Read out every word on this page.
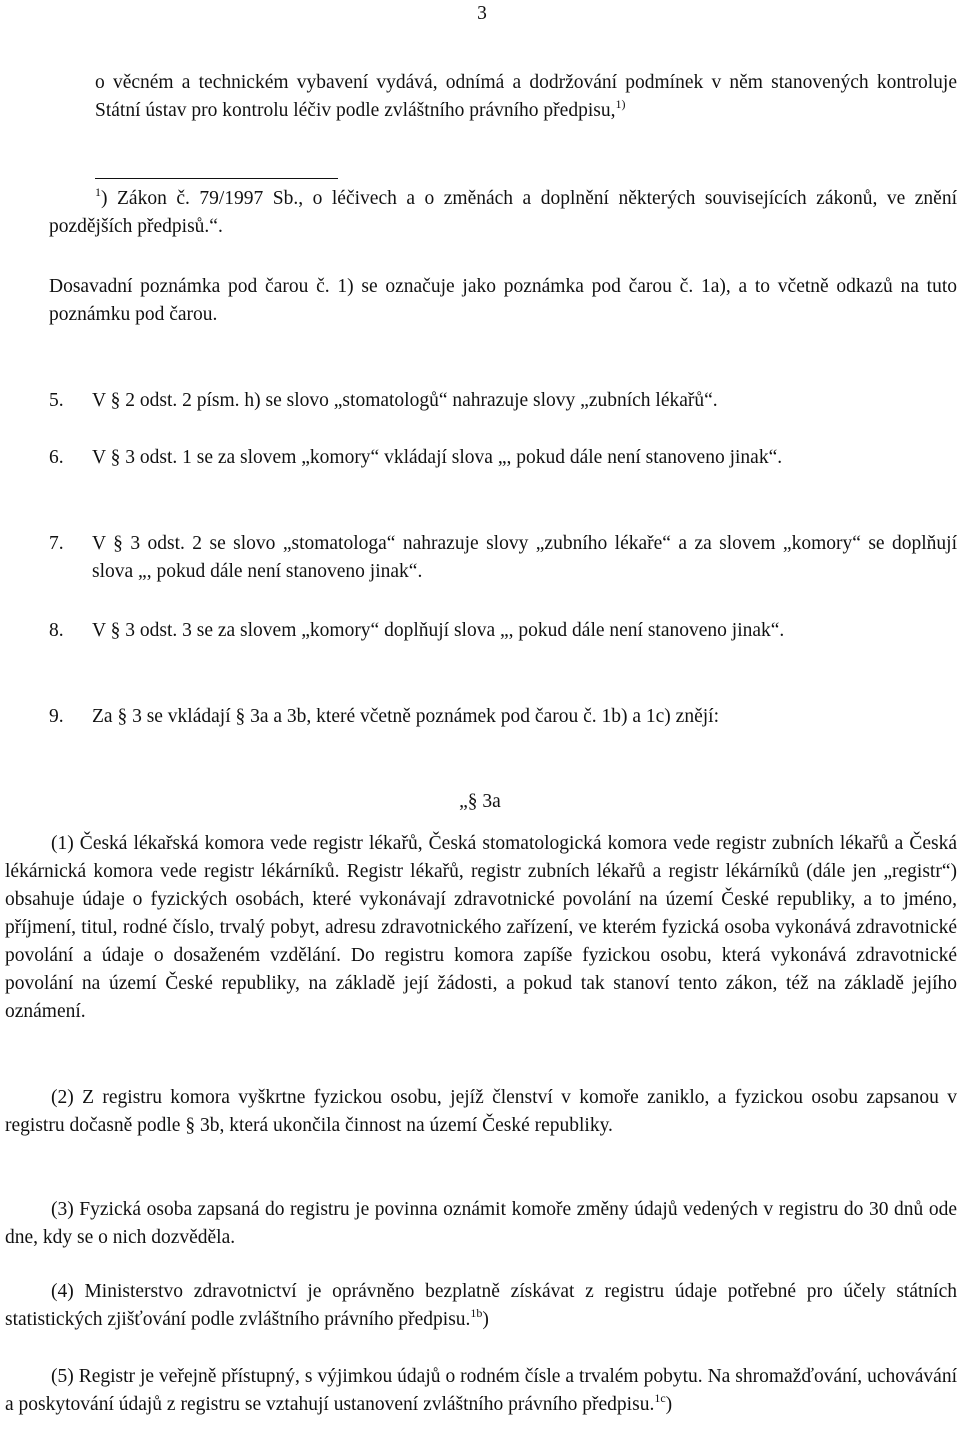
3
o věcném a technickém vybavení vydává, odnímá a dodržování podmínek v něm stanovených kontroluje Státní ústav pro kontrolu léčiv podle zvláštního právního předpisu,$^{1)}$
$^1$) Zákon č. 79/1997 Sb., o léčivech a o změnách a doplnění některých souvisejících zákonů, ve znění pozdějších předpisů.“.
Dosavadní poznámka pod čarou č. 1) se označuje jako poznámka pod čarou č. 1a), a to včetně odkazů na tuto poznámku pod čarou.
5. V § 2 odst. 2 písm. h) se slovo „stomatologů“ nahrazuje slovy „zubních lékařů“.
6. V § 3 odst. 1 se za slovem „komory“ vkládají slova „, pokud dále není stanoveno jinak“.
7. V § 3 odst. 2 se slovo „stomatologa“ nahrazuje slovy „zubního lékaře“ a za slovem „komory“ se doplňují slova „, pokud dále není stanoveno jinak“.
8. V § 3 odst. 3 se za slovem „komory“ doplňují slova „, pokud dále není stanoveno jinak“.
9. Za § 3 se vkládají § 3a a 3b, které včetně poznámek pod čarou č. 1b) a 1c) znějí:
„§ 3a
(1) Česká lékařská komora vede registr lékařů, Česká stomatologická komora vede registr zubních lékařů a Česká lékárnická komora vede registr lékárníků. Registr lékařů, registr zubních lékařů a registr lékárníků (dále jen „registr“) obsahuje údaje o fyzických osobách, které vykonávají zdravotnické povolání na území České republiky, a to jméno, příjmení, titul, rodné číslo, trvalý pobyt, adresu zdravotnického zařízení, ve kterém fyzická osoba vykonává zdravotnické povolání a údaje o dosaženém vzdělání. Do registru komora zapíše fyzickou osobu, která vykonává zdravotnické povolání na území České republiky, na základě její žádosti, a pokud tak stanoví tento zákon, též na základě jejího oznámení.
(2) Z registru komora vyškrtne fyzickou osobu, jejíž členství v komoře zaniklo, a fyzickou osobu zapsanou v registru dočasně podle § 3b, která ukončila činnost na území České republiky.
(3) Fyzická osoba zapsaná do registru je povinna oznámit komoře změny údajů vedených v registru do 30 dnů ode dne, kdy se o nich dozvěděla.
(4) Ministerstvo zdravotnictví je oprávněno bezplatně získávat z registru údaje potřebné pro účely státních statistických zjišťování podle zvláštního právního předpisu.$^{1b}$)
(5) Registr je veřejně přístupný, s výjimkou údajů o rodném čísle a trvalém pobytu. Na shromažďování, uchovávání a poskytování údajů z registru se vztahují ustanovení zvláštního právního předpisu.$^{1c}$)
